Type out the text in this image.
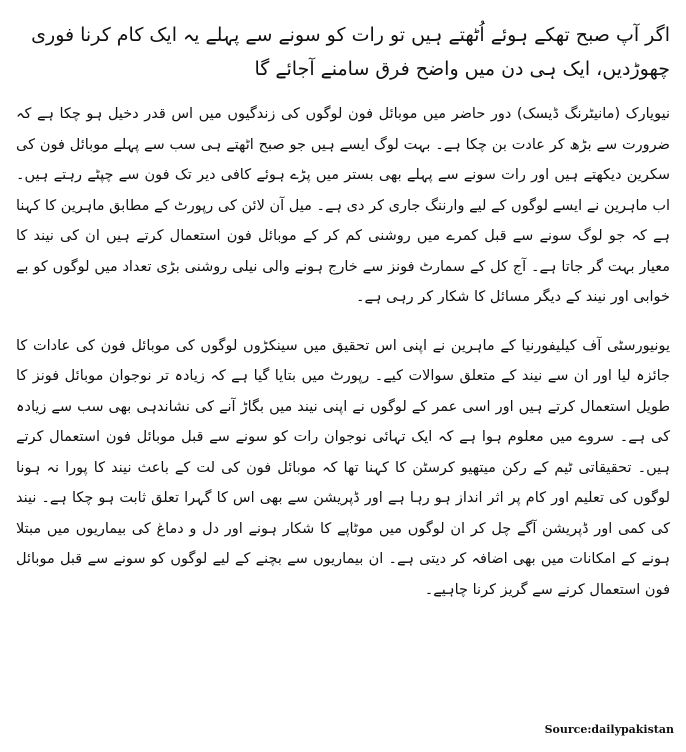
اگر آپ صبح تھکے ہوئے اُٹھتے ہیں تو رات کو سونے سے پہلے یہ ایک کام کرنا فوری چھوڑدیں، ایک ہی دن میں واضح فرق سامنے آجائے گا

نیویارک (مانیٹرنگ ڈیسک) دور حاضر میں موبائل فون لوگوں کی زندگیوں میں اس قدر دخیل ہو چکا ہے کہ ضرورت سے بڑھ کر عادت بن چکا ہے۔ بہت لوگ ایسے ہیں جو صبح اٹھتے ہی سب سے پہلے موبائل فون کی سکرین دیکھتے ہیں اور رات سونے سے پہلے بھی بستر میں پڑے ہوئے کافی دیر تک فون سے چپٹے رہتے ہیں۔ اب ماہرین نے ایسے لوگوں کے لیے وارننگ جاری کر دی ہے۔ میل آن لائن کی رپورٹ کے مطابق ماہرین کا کہنا ہے کہ جو لوگ سونے سے قبل کمرے میں روشنی کم کر کے موبائل فون استعمال کرتے ہیں ان کی نیند کا معیار بہت گر جاتا ہے۔ آج کل کے سمارٹ فونز سے خارج ہونے والی نیلی روشنی بڑی تعداد میں لوگوں کو بے خوابی اور نیند کے دیگر مسائل کا شکار کر رہی ہے۔

یونیورسٹی آف کیلیفورنیا کے ماہرین نے اپنی اس تحقیق میں سینکڑوں لوگوں کی موبائل فون کی عادات کا جائزہ لیا اور ان سے نیند کے متعلق سوالات کیے۔ رپورٹ میں بتایا گیا ہے کہ زیادہ تر نوجوان موبائل فونز کا طویل استعمال کرتے ہیں اور اسی عمر کے لوگوں نے اپنی نیند میں بگاڑ آنے کی نشاندہی بھی سب سے زیادہ کی ہے۔ سروے میں معلوم ہوا ہے کہ ایک تہائی نوجوان رات کو سونے سے قبل موبائل فون استعمال کرتے ہیں۔ تحقیقاتی ٹیم کے رکن میتھیو کرسٹن کا کہنا تھا کہ موبائل فون کی لت کے باعث نیند کا پورا نہ ہونا لوگوں کی تعلیم اور کام پر اثر انداز ہو رہا ہے اور ڈپریشن سے بھی اس کا گہرا تعلق ثابت ہو چکا ہے۔ نیند کی کمی اور ڈپریشن آگے چل کر ان لوگوں میں موٹاپے کا شکار ہونے اور دل و دماغ کی بیماریوں میں مبتلا ہونے کے امکانات میں بھی اضافہ کر دیتی ہے۔ ان بیماریوں سے بچنے کے لیے لوگوں کو سونے سے قبل موبائل فون استعمال کرنے سے گریز کرنا چاہیے۔

Source:dailypakistan
